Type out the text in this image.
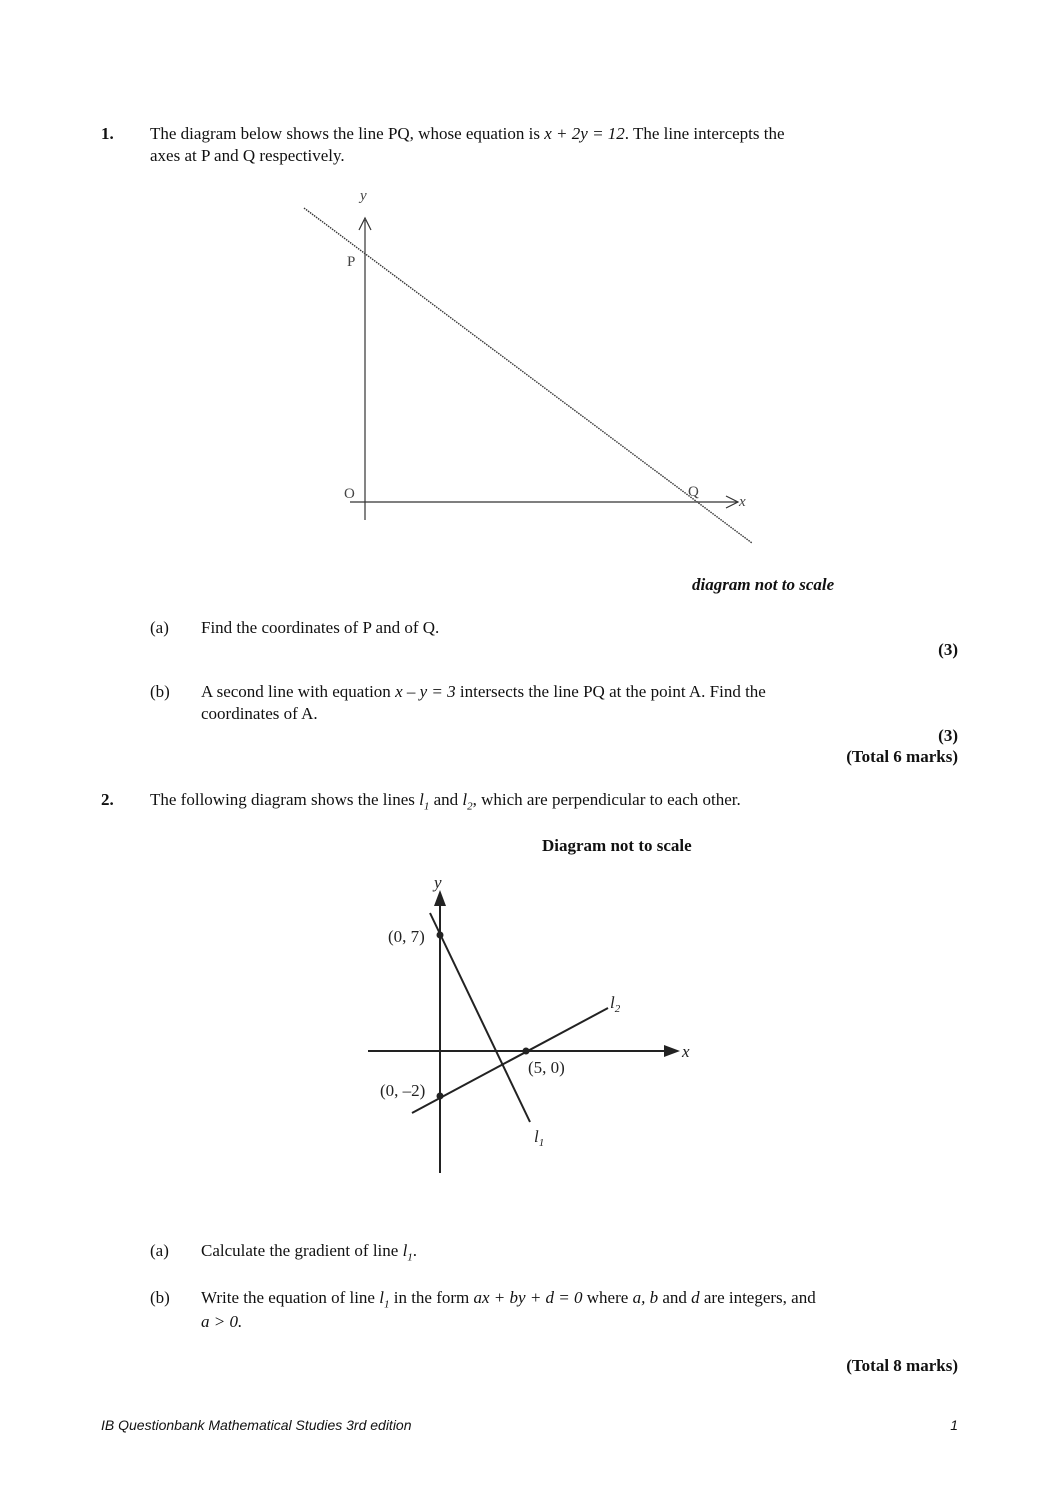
1. The diagram below shows the line PQ, whose equation is x + 2y = 12. The line intercepts the
axes at P and Q respectively.
y
x
P
Q
O
diagram not to scale
(a) Find the coordinates of P and of Q.
(3)
(b) A second line with equation x – y = 3 intersects the line PQ at the point A. Find the
coordinates of A.
(3)
(Total 6 marks)
2. The following diagram shows the lines $l_1$ and $l_2$, which are perpendicular to each other.
Diagram not to scale
y
x
(0, 7)
(5, 0)
(0, –2)
$l_2$
$l_1$
(a) Calculate the gradient of line $l_1$.
(b) Write the equation of line $l_1$ in the form ax + by + d = 0 where a, b and d are integers, and
a > 0.
(Total 8 marks)
IB Questionbank Mathematical Studies 3rd edition	1
